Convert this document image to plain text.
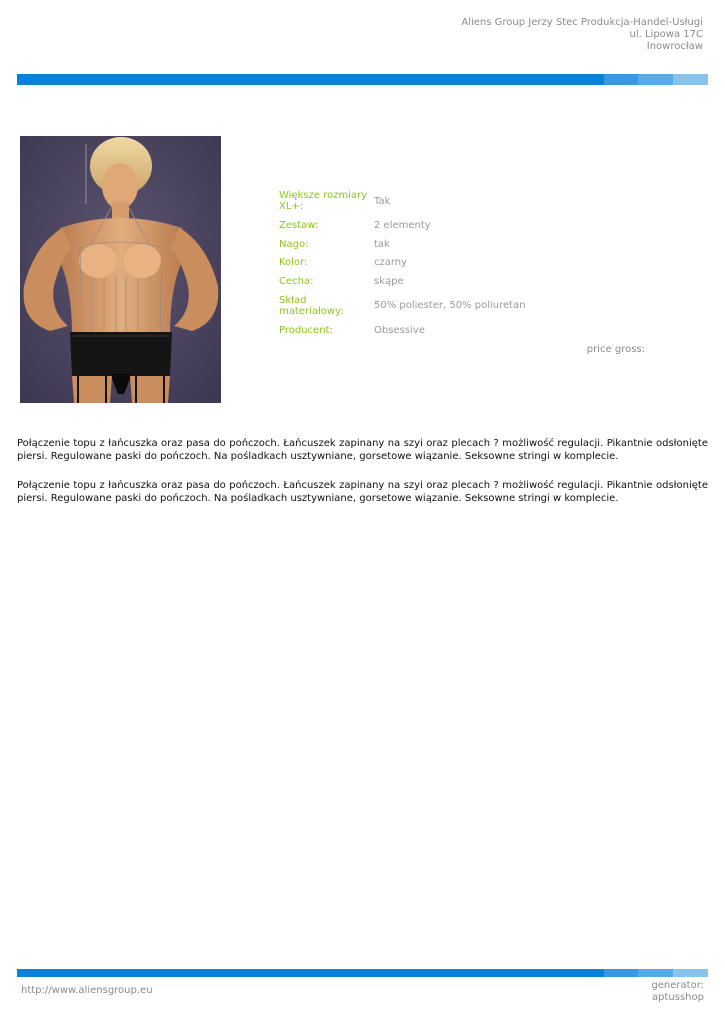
Aliens Group Jerzy Stec Produkcja-Handel-Usługi
ul. Lipowa 17C
Inowrocław
Większe rozmiary XL+:	Tak
Zestaw:	2 elementy
Nago:	tak
Kolor:	czarny
Cecha:	skąpe
Skład materiałowy:	50% poliester, 50% poliuretan
Producent:	Obsessive
price gross:
Połączenie topu z łańcuszka oraz pasa do pończoch. Łańcuszek zapinany na szyi oraz plecach ? możliwość regulacji. Pikantnie odsłonięte piersi. Regulowane paski do pończoch. Na pośladkach usztywniane, gorsetowe wiązanie. Seksowne stringi w komplecie.
Połączenie topu z łańcuszka oraz pasa do pończoch. Łańcuszek zapinany na szyi oraz plecach ? możliwość regulacji. Pikantnie odsłonięte piersi. Regulowane paski do pończoch. Na pośladkach usztywniane, gorsetowe wiązanie. Seksowne stringi w komplecie.
http://www.aliensgroup.eu	generator:
aptusshop
